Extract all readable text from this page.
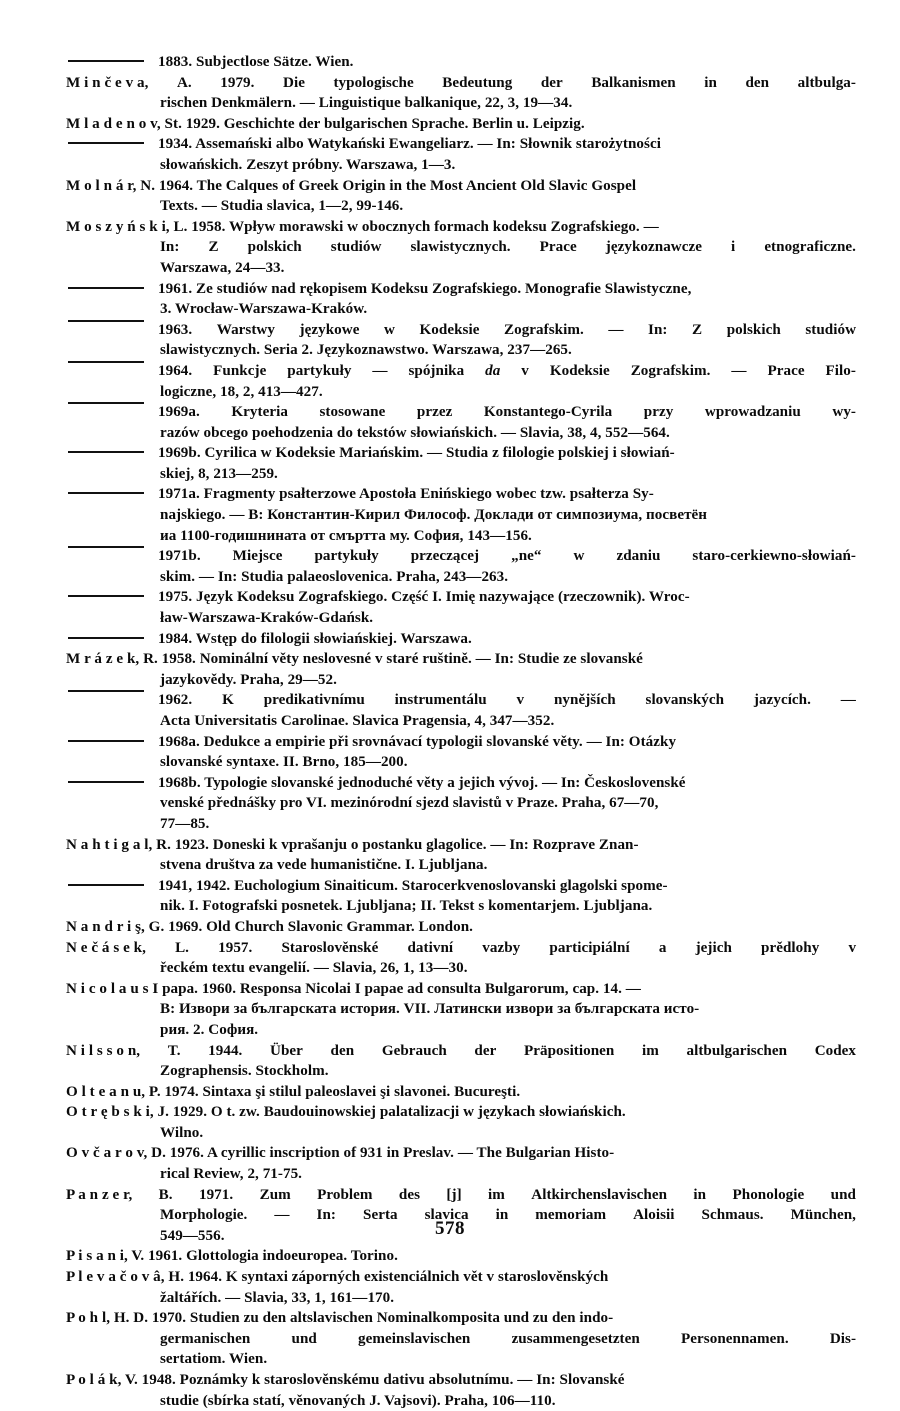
1883. Subjectlose Sätze. Wien.
M i n č e v a, A. 1979. Die typologische Bedeutung der Balkanismen in den altbulga-
rischen Denkmälern. — Linguistique balkanique, 22, 3, 19—34.
M l a d e n o v, St. 1929. Geschichte der bulgarischen Sprache. Berlin u. Leipzig.
1934. Assemański albo Watykański Ewangeliarz. — In: Słownik starożytności
słowańskich. Zeszyt próbny. Warszawa, 1—3.
M o l n á r, N. 1964. The Calques of Greek Origin in the Most Ancient Old Slavic Gospel
Texts. — Studia slavica, 1—2, 99-146.
M o s z y ń s k i, L. 1958. Wpływ morawski w obocznych formach kodeksu Zografskiego. —
In: Z polskich studiów slawistycznych. Prace językoznawcze i etnograficzne.
Warszawa, 24—33.
1961. Ze studiów nad rękopisem Kodeksu Zografskiego. Monografie Slawistyczne,
3. Wrocław-Warszawa-Kraków.
1963. Warstwy językowe w Kodeksie Zografskim. — In: Z polskich studiów
slawistycznych. Seria 2. Językoznawstwo. Warszawa, 237—265.
1964. Funkcje partykuły — spójnika da v Kodeksie Zografskim. — Prace Filo-
logiczne, 18, 2, 413—427.
1969a. Kryteria stosowane przez Konstantego-Cyrila przy wprowadzaniu wy-
razów obcego poehodzenia do tekstów słowiańskich. — Slavia, 38, 4, 552—564.
1969b. Cyrilica w Kodeksie Mariańskim. — Studia z filologie polskiej i słowiań-
skiej, 8, 213—259.
1971a. Fragmenty psałterzowe Apostoła Enińskiego wobec tzw. psałterza Sy-
najskiego. — В: Константин-Кирил Философ. Доклади от симпозиума, посветён
иа 1100-годишнината от смъртта му. София, 143—156.
1971b. Miejsce partykuły przeczącej „ne“ w zdaniu staro-cerkiewno-słowiań-
skim. — In: Studia palaeoslovenica. Praha, 243—263.
1975. Język Kodeksu Zografskiego. Część I. Imię nazywające (rzeczownik). Wroc-
ław-Warszawa-Kraków-Gdańsk.
1984. Wstęp do filologii słowiańskiej. Warszawa.
M r á z e k, R. 1958. Nominální věty neslovesné v staré ruštině. — In: Studie ze slovanské
jazykovědy. Praha, 29—52.
1962. K predikativnímu instrumentálu v nynějších slovanských jazycích. —
Acta Universitatis Carolinae. Slavica Pragensia, 4, 347—352.
1968a. Dedukce a empirie při srovnávací typologii slovanské věty. — In: Otázky
slovanské syntaxe. II. Brno, 185—200.
1968b. Typologie slovanské jednoduché věty a jejich vývoj. — In: Československé
venské přednášky pro VI. mezinórodní sjezd slavistů v Praze. Praha, 67—70,
77—85.
N a h t i g a l, R. 1923. Doneski k vprašanju o postanku glagolice. — In: Rozprave Znan-
stvena društva za vede humanistične. I. Ljubljana.
1941, 1942. Euchologium Sinaiticum. Starocerkvenoslovanski glagolski spome-
nik. I. Fotografski posnetek. Ljubljana; II. Tekst s komentarjem. Ljubljana.
N a n d r i ş, G. 1969. Old Church Slavonic Grammar. London.
N e č á s e k, L. 1957. Staroslověnské dativní vazby participiální a jejich prědlohy v
řeckém textu evangelií. — Slavia, 26, 1, 13—30.
N i c o l a u s I papa. 1960. Responsa Nicolai I papae ad consulta Bulgarorum, cap. 14. —
В: Извори за българската история. VII. Латински извори за бългaрската исто-
рия. 2. София.
N i l s s o n, T. 1944. Über den Gebrauch der Präpositionen im altbulgarischen Codex
Zographensis. Stockholm.
O l t e a n u, P. 1974. Sintaxa şi stilul paleoslavei şi slavonei. Bucureşti.
O t r ę b s k i, J. 1929. O t. zw. Baudouinowskiej palatalizacji w językach słowiańskich.
Wilno.
O v č a r o v, D. 1976. A cyrillic inscription of 931 in Preslav. — The Bulgarian Histo-
rical Review, 2, 71-75.
P a n z e r, B. 1971. Zum Problem des [j] im Altkirchenslavischen in Phonologie und
Morphologie. — In: Serta slavica in memoriam Aloisii Schmaus. München,
549—556.
P i s a n i, V. 1961. Glottologia indoeuropea. Torino.
P l e v a č o v â, H. 1964. K syntaxi záporných existenciálnich vět v staroslověnských
žaltářích. — Slavia, 33, 1, 161—170.
P o h l, H. D. 1970. Studien zu den altslavischen Nominalkomposita und zu den indo-
germanischen	und	gemeinslavischen	zusammengesetzten	Personennamen.	Dis-
sertatiom. Wien.
P o l á k, V. 1948. Poznámky k staroslověnskému dativu absolutnímu. — In: Slovanské
studie (sbírka statí, věnovaných J. Vajsovi). Praha, 106—110.
578
